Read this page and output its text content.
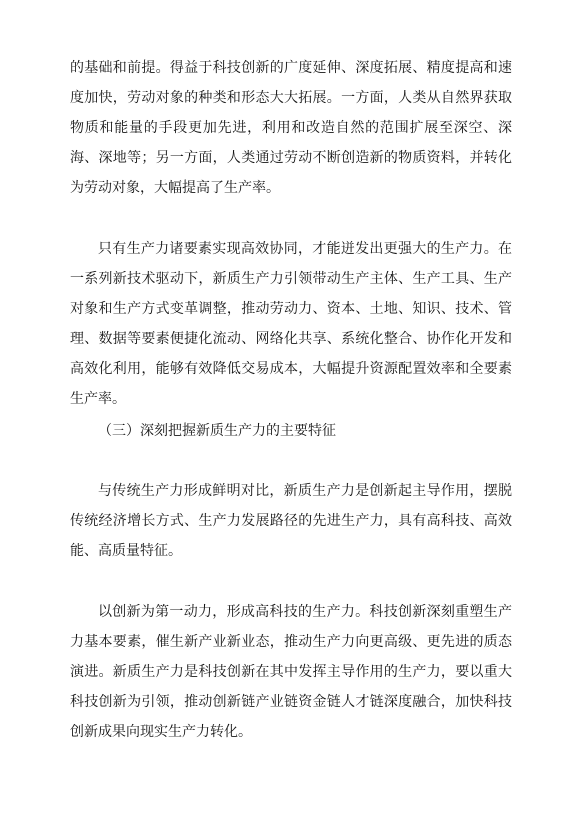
的基础和前提。得益于科技创新的广度延伸、深度拓展、精度提高和速度加快，劳动对象的种类和形态大大拓展。一方面，人类从自然界获取物质和能量的手段更加先进，利用和改造自然的范围扩展至深空、深海、深地等；另一方面，人类通过劳动不断创造新的物质资料，并转化为劳动对象，大幅提高了生产率。

只有生产力诸要素实现高效协同，才能迸发出更强大的生产力。在一系列新技术驱动下，新质生产力引领带动生产主体、生产工具、生产对象和生产方式变革调整，推动劳动力、资本、土地、知识、技术、管理、数据等要素便捷化流动、网络化共享、系统化整合、协作化开发和高效化利用，能够有效降低交易成本，大幅提升资源配置效率和全要素生产率。

（三）深刻把握新质生产力的主要特征

与传统生产力形成鲜明对比，新质生产力是创新起主导作用，摆脱传统经济增长方式、生产力发展路径的先进生产力，具有高科技、高效能、高质量特征。

以创新为第一动力，形成高科技的生产力。科技创新深刻重塑生产力基本要素，催生新产业新业态，推动生产力向更高级、更先进的质态演进。新质生产力是科技创新在其中发挥主导作用的生产力，要以重大科技创新为引领，推动创新链产业链资金链人才链深度融合，加快科技创新成果向现实生产力转化。
